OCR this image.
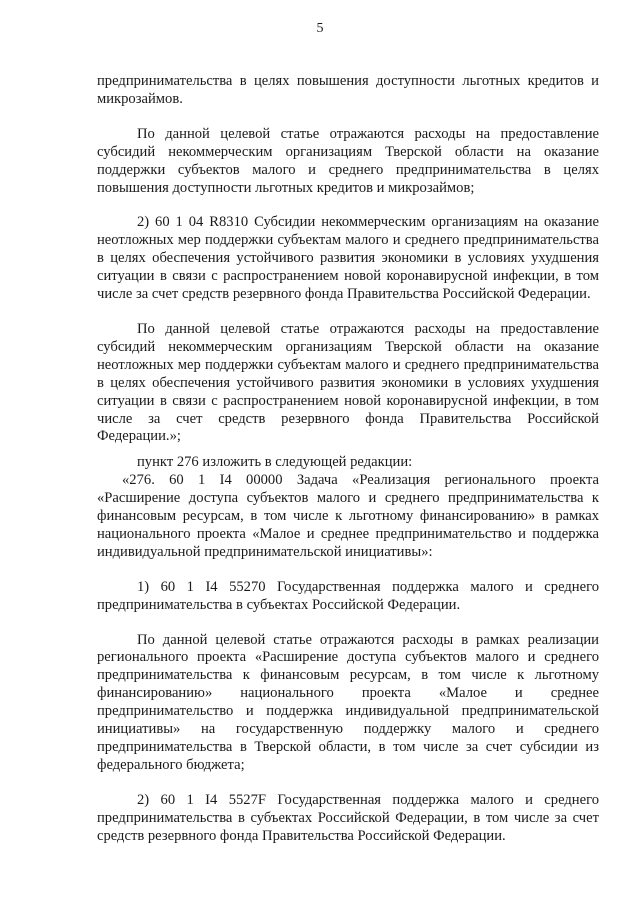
5

предпринимательства в целях повышения доступности льготных кредитов и микрозаймов.

По данной целевой статье отражаются расходы на предоставление субсидий некоммерческим организациям Тверской области на оказание поддержки субъектов малого и среднего предпринимательства в целях повышения доступности льготных кредитов и микрозаймов;

2) 60 1 04 R8310 Субсидии некоммерческим организациям на оказание неотложных мер поддержки субъектам малого и среднего предпринимательства в целях обеспечения устойчивого развития экономики в условиях ухудшения ситуации в связи с распространением новой коронавирусной инфекции, в том числе за счет средств резервного фонда Правительства Российской Федерации.

По данной целевой статье отражаются расходы на предоставление субсидий некоммерческим организациям Тверской области на оказание неотложных мер поддержки субъектам малого и среднего предпринимательства в целях обеспечения устойчивого развития экономики в условиях ухудшения ситуации в связи с распространением новой коронавирусной инфекции, в том числе за счет средств резервного фонда Правительства Российской Федерации.»;

пункт 276 изложить в следующей редакции:

«276. 60 1 I4 00000 Задача «Реализация регионального проекта «Расширение доступа субъектов малого и среднего предпринимательства к финансовым ресурсам, в том числе к льготному финансированию» в рамках национального проекта «Малое и среднее предпринимательство и поддержка индивидуальной предпринимательской инициативы»:

1) 60 1 I4 55270 Государственная поддержка малого и среднего предпринимательства в субъектах Российской Федерации.

По данной целевой статье отражаются расходы в рамках реализации регионального проекта «Расширение доступа субъектов малого и среднего предпринимательства к финансовым ресурсам, в том числе к льготному финансированию» национального проекта «Малое и среднее предпринимательство и поддержка индивидуальной предпринимательской инициативы» на государственную поддержку малого и среднего предпринимательства в Тверской области, в том числе за счет субсидии из федерального бюджета;

2) 60 1 I4 5527F Государственная поддержка малого и среднего предпринимательства в субъектах Российской Федерации, в том числе за счет средств резервного фонда Правительства Российской Федерации.
